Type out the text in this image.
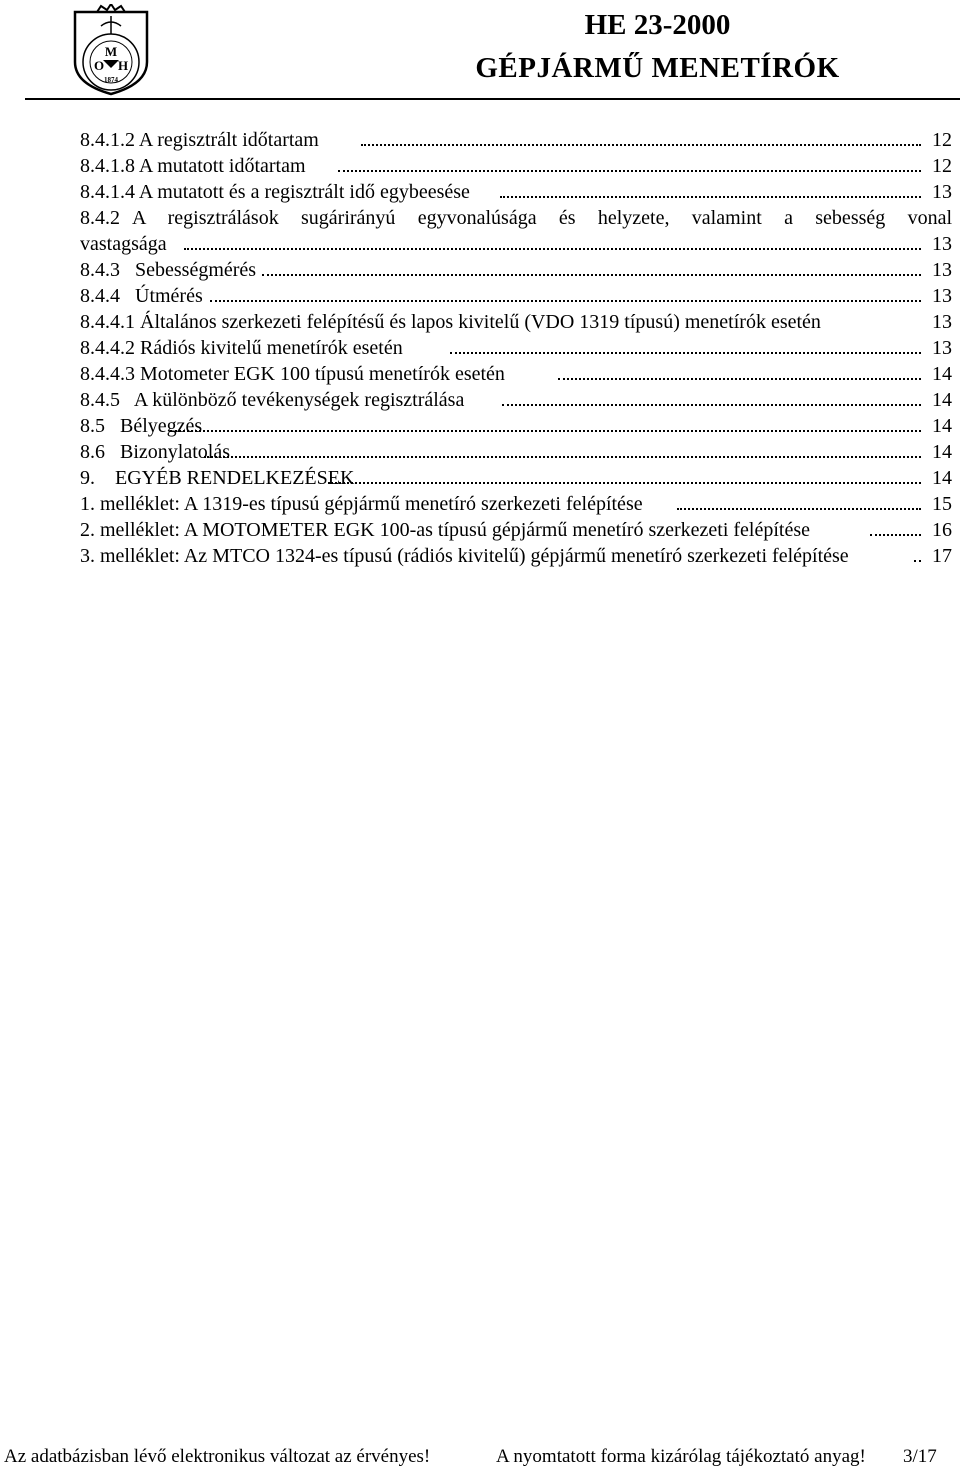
M
O H
1874
HE 23-2000
GÉPJÁRMŰ MENETÍRÓK
8.4.1.2 A regisztrált időtartam	12
8.4.1.8 A mutatott időtartam	12
8.4.1.4 A mutatott és a regisztrált idő egybeesése	13
8.4.2 A regisztrálások sugárirányú egyvonalúsága és helyzete, valamint a sebesség vonal
vastagsága	13
8.4.3 Sebességmérés	13
8.4.4 Útmérés	13
8.4.4.1 Általános szerkezeti felépítésű és lapos kivitelű (VDO 1319 típusú) menetírók esetén	13
8.4.4.2 Rádiós kivitelű menetírók esetén	13
8.4.4.3 Motometer EGK 100 típusú menetírók esetén	14
8.4.5 A különböző tevékenységek regisztrálása	14
8.5 Bélyegzés	14
8.6 Bizonylatolás	14
9. EGYÉB RENDELKEZÉSEK	14
1. melléklet: A 1319-es típusú gépjármű menetíró szerkezeti felépítése	15
2. melléklet: A MOTOMETER EGK 100-as típusú gépjármű menetíró szerkezeti felépítése	16
3. melléklet: Az MTCO 1324-es típusú (rádiós kivitelű) gépjármű menetíró szerkezeti felépítése	17
Az adatbázisban lévő elektronikus változat az érvényes!	A nyomtatott forma kizárólag tájékoztató anyag! 3/17
